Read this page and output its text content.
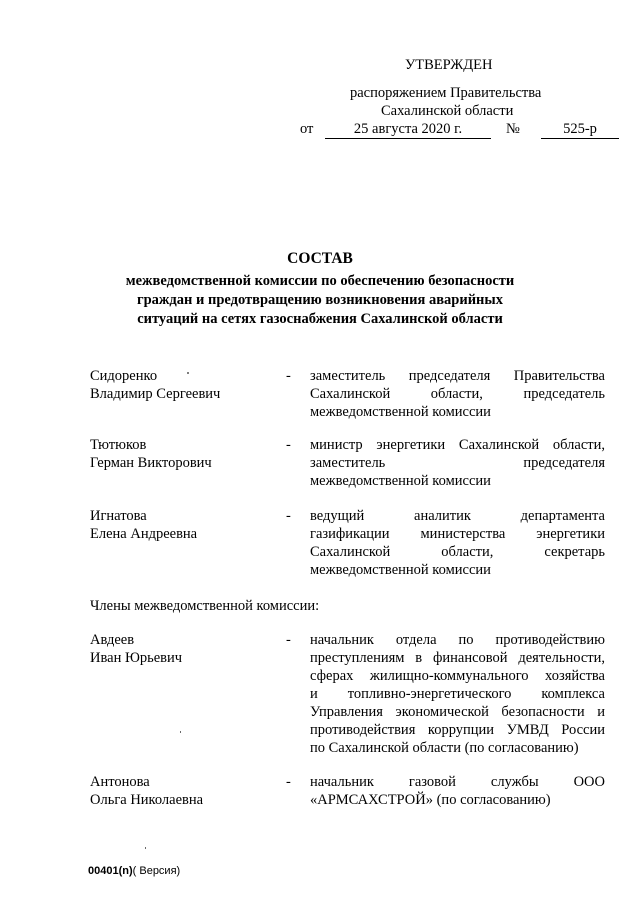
УТВЕРЖДЕН
распоряжением Правительства
Сахалинской области
от	25 августа 2020 г.	№	525-р
СОСТАВ
межведомственной комиссии по обеспечению безопасности
граждан и предотвращению возникновения аварийных
ситуаций на сетях газоснабжения Сахалинской области
Сидоренко
Владимир Сергеевич
- заместитель председателя Правительства
Сахалинской области, председатель
межведомственной комиссии
Тютюков
Герман Викторович
- министр энергетики Сахалинской области,
заместитель председателя
межведомственной комиссии
Игнатова
Елена Андреевна
- ведущий аналитик департамента
газификации министерства энергетики
Сахалинской области, секретарь
межведомственной комиссии
Члены межведомственной комиссии:
Авдеев
Иван Юрьевич
- начальник отдела по противодействию
преступлениям в финансовой деятельности,
сферах жилищно-коммунального хозяйства
и топливно-энергетического комплекса
Управления экономической безопасности и
противодействия коррупции УМВД России
по Сахалинской области (по согласованию)
Антонова
Ольга Николаевна
- начальник газовой службы ООО
«АРМСАХСТРОЙ» (по согласованию)
00401(n)( Версия)
